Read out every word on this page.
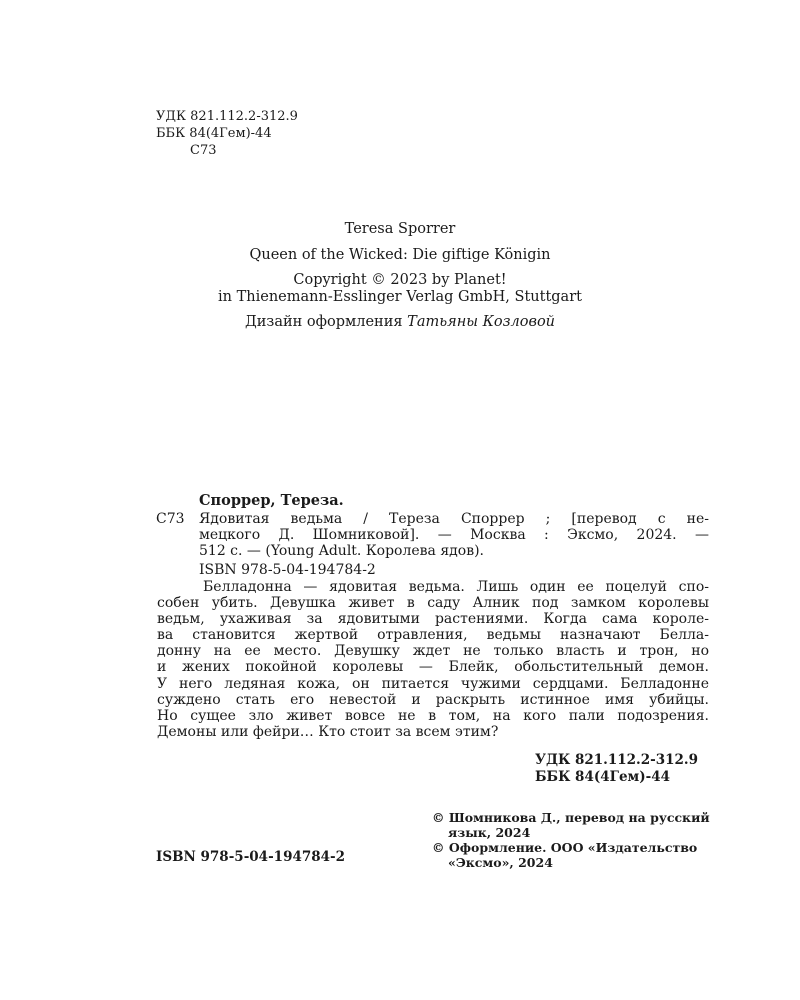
УДК 821.112.2-312.9
ББК 84(4Гем)-44
С73
Teresa Sporrer
Queen of the Wicked: Die giftige Königin
Copyright © 2023 by Planet!
in Thienemann-Esslinger Verlag GmbH, Stuttgart
Дизайн оформления Татьяны Козловой
Споррер, Тереза.
С73 Ядовитая ведьма / Тереза Споррер ; [перевод с не-
мецкого Д. Шомниковой]. — Москва : Эксмо, 2024. —
512 с. — (Young Adult. Королева ядов).
ISBN 978-5-04-194784-2
Белладонна — ядовитая ведьма. Лишь один ее поцелуй спо-
собен убить. Девушка живет в саду Алник под замком королевы
ведьм, ухаживая за ядовитыми растениями. Когда сама короле-
ва становится жертвой отравления, ведьмы назначают Белла-
донну на ее место. Девушку ждет не только власть и трон, но
и жених покойной королевы — Блейк, обольстительный демон.
У него ледяная кожа, он питается чужими сердцами. Белладонне
суждено стать его невестой и раскрыть истинное имя убийцы.
Но сущее зло живет вовсе не в том, на кого пали подозрения.
Демоны или фейри… Кто стоит за всем этим?
УДК 821.112.2-312.9
ББК 84(4Гем)-44
ISBN 978-5-04-194784-2
© Шомникова Д., перевод на русский
язык, 2024
© Оформление. ООО «Издательство
«Эксмо», 2024
